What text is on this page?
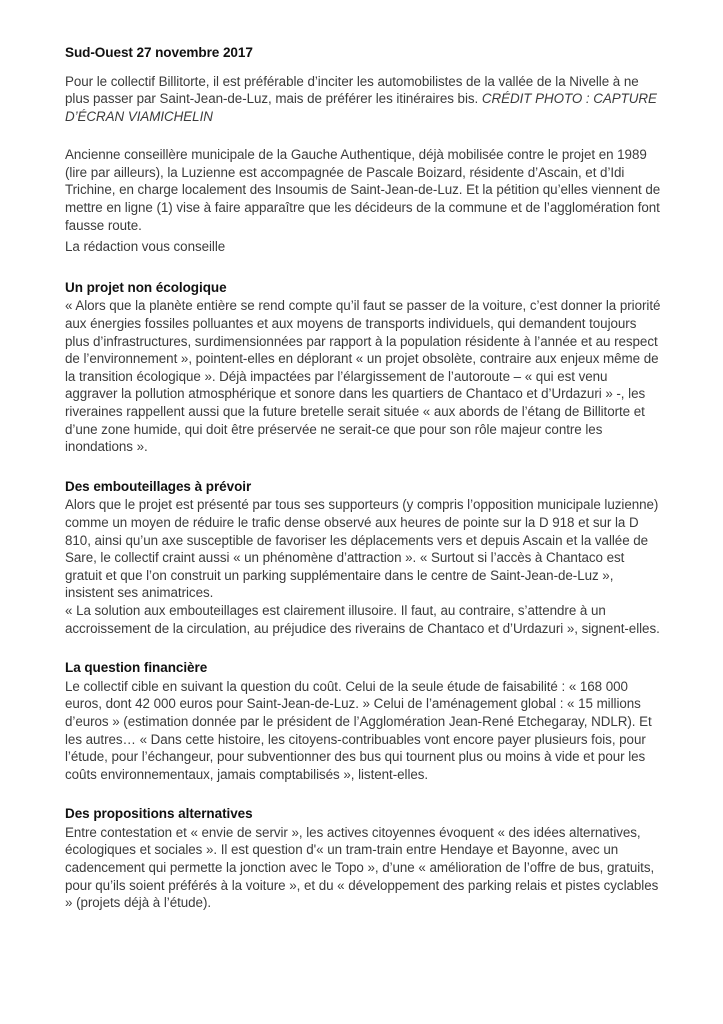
Sud-Ouest 27 novembre 2017

Pour le collectif Billitorte, il est préférable d’inciter les automobilistes de la vallée de la Nivelle à ne plus passer par Saint-Jean-de-Luz, mais de préférer les itinéraires bis. CRÉDIT PHOTO : CAPTURE D’ÉCRAN VIAMICHELIN

Ancienne conseillère municipale de la Gauche Authentique, déjà mobilisée contre le projet en 1989 (lire par ailleurs), la Luzienne est accompagnée de Pascale Boizard, résidente d’Ascain, et d’Idi Trichine, en charge localement des Insoumis de Saint-Jean-de-Luz. Et la pétition qu’elles viennent de mettre en ligne (1) vise à faire apparaître que les décideurs de la commune et de l’agglomération font fausse route.

La rédaction vous conseille
Un projet non écologique

« Alors que la planète entière se rend compte qu’il faut se passer de la voiture, c’est donner la priorité aux énergies fossiles polluantes et aux moyens de transports individuels, qui demandent toujours plus d’infrastructures, surdimensionnées par rapport à la population résidente à l’année et au respect de l’environnement », pointent-elles en déplorant « un projet obsolète, contraire aux enjeux même de la transition écologique ». Déjà impactées par l’élargissement de l’autoroute – « qui est venu aggraver la pollution atmosphérique et sonore dans les quartiers de Chantaco et d’Urdazuri » -, les riveraines rappellent aussi que la future bretelle serait située « aux abords de l’étang de Billitorte et d’une zone humide, qui doit être préservée ne serait-ce que pour son rôle majeur contre les inondations ».

Des embouteillages à prévoir

Alors que le projet est présenté par tous ses supporteurs (y compris l’opposition municipale luzienne) comme un moyen de réduire le trafic dense observé aux heures de pointe sur la D 918 et sur la D 810, ainsi qu’un axe susceptible de favoriser les déplacements vers et depuis Ascain et la vallée de Sare, le collectif craint aussi « un phénomène d’attraction ». « Surtout si l’accès à Chantaco est gratuit et que l’on construit un parking supplémentaire dans le centre de Saint-Jean-de-Luz », insistent ses animatrices.

« La solution aux embouteillages est clairement illusoire. Il faut, au contraire, s’attendre à un accroissement de la circulation, au préjudice des riverains de Chantaco et d’Urdazuri », signent-elles.

La question financière

Le collectif cible en suivant la question du coût. Celui de la seule étude de faisabilité : « 168 000 euros, dont 42 000 euros pour Saint-Jean-de-Luz. » Celui de l’aménagement global : « 15 millions d’euros » (estimation donnée par le président de l’Agglomération Jean-René Etchegaray, NDLR). Et les autres… « Dans cette histoire, les citoyens-contribuables vont encore payer plusieurs fois, pour l’étude, pour l’échangeur, pour subventionner des bus qui tournent plus ou moins à vide et pour les coûts environnementaux, jamais comptabilisés », listent-elles.

Des propositions alternatives

Entre contestation et « envie de servir », les actives citoyennes évoquent « des idées alternatives, écologiques et sociales ». Il est question d'« un tram-train entre Hendaye et Bayonne, avec un cadencement qui permette la jonction avec le Topo », d’une « amélioration de l’offre de bus, gratuits, pour qu’ils soient préférés à la voiture », et du « développement des parking relais et pistes cyclables » (projets déjà à l’étude).
